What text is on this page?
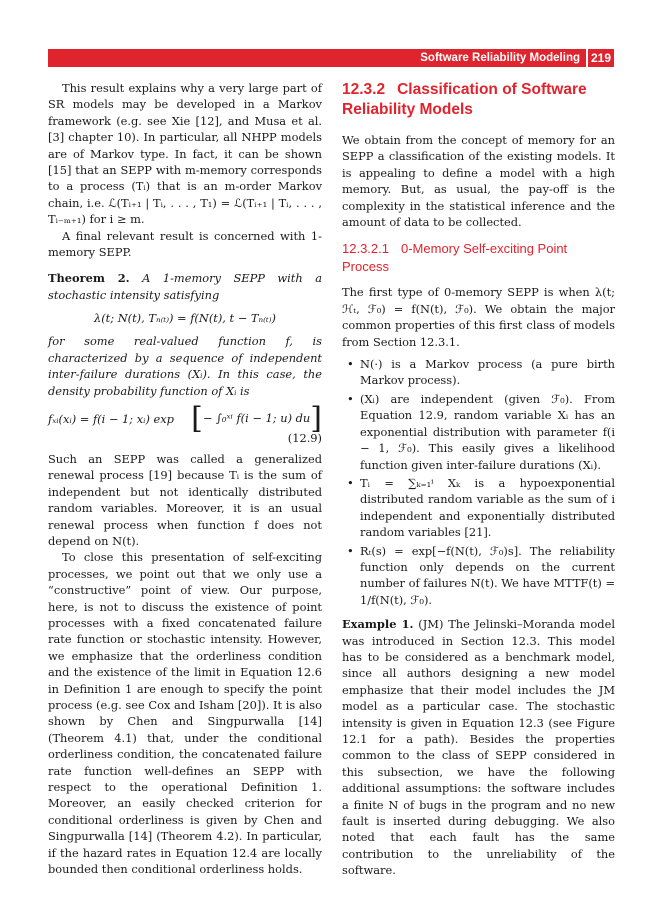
Software Reliability Modeling 219

This result explains why a very large part of SR models may be developed in a Markov framework (e.g. see Xie [12], and Musa et al. [3] chapter 10). In particular, all NHPP models are of Markov type. In fact, it can be shown [15] that an SEPP with m-memory corresponds to a process (Tᵢ) that is an m-order Markov chain, i.e. ℒ(Tᵢ₊₁ | Tᵢ, . . . , T₁) = ℒ(Tᵢ₊₁ | Tᵢ, . . . , Tᵢ₋ₘ₊₁) for i ≥ m.

A final relevant result is concerned with 1-memory SEPP.

Theorem 2. A 1-memory SEPP with a stochastic intensity satisfying

λ(t; N(t), Tₙ₍ₜ₎) = f(N(t), t − Tₙ₍ₜ₎)

for some real-valued function f, is characterized by a sequence of independent inter-failure durations (Xᵢ). In this case, the density probability function of Xᵢ is

fₓᵢ(xᵢ) = f(i − 1; xᵢ) exp [− ∫₀ˣⁱ f(i − 1; u) du]
(12.9)

Such an SEPP was called a generalized renewal process [19] because Tᵢ is the sum of independent but not identically distributed random variables. Moreover, it is an usual renewal process when function f does not depend on N(t).

To close this presentation of self-exciting processes, we point out that we only use a “constructive” point of view. Our purpose, here, is not to discuss the existence of point processes with a fixed concatenated failure rate function or stochastic intensity. However, we emphasize that the orderliness condition and the existence of the limit in Equation 12.6 in Definition 1 are enough to specify the point process (e.g. see Cox and Isham [20]). It is also shown by Chen and Singpurwalla [14] (Theorem 4.1) that, under the conditional orderliness condition, the concatenated failure rate function well-defines an SEPP with respect to the operational Definition 1. Moreover, an easily checked criterion for conditional orderliness is given by Chen and Singpurwalla [14] (Theorem 4.2). In particular, if the hazard rates in Equation 12.4 are locally bounded then conditional orderliness holds.

12.3.2 Classification of Software Reliability Models

We obtain from the concept of memory for an SEPP a classification of the existing models. It is appealing to define a model with a high memory. But, as usual, the pay-off is the complexity in the statistical inference and the amount of data to be collected.

12.3.2.1 0-Memory Self-exciting Point Process

The first type of 0-memory SEPP is when λ(t; ℋₜ, ℱ₀) = f(N(t), ℱ₀). We obtain the major common properties of this first class of models from Section 12.3.1.

• N(·) is a Markov process (a pure birth Markov process).
• (Xᵢ) are independent (given ℱ₀). From Equation 12.9, random variable Xᵢ has an exponential distribution with parameter f(i − 1, ℱ₀). This easily gives a likelihood function given inter-failure durations (Xᵢ).
• Tᵢ = ∑ₖ₌₁ⁱ Xₖ is a hypoexponential distributed random variable as the sum of i independent and exponentially distributed random variables [21].
• Rₜ(s) = exp[−f(N(t), ℱ₀)s]. The reliability function only depends on the current number of failures N(t). We have MTTF(t) = 1/f(N(t), ℱ₀).

Example 1. (JM) The Jelinski–Moranda model was introduced in Section 12.3. This model has to be considered as a benchmark model, since all authors designing a new model emphasize that their model includes the JM model as a particular case. The stochastic intensity is given in Equation 12.3 (see Figure 12.1 for a path). Besides the properties common to the class of SEPP considered in this subsection, we have the following additional assumptions: the software includes a finite N of bugs in the program and no new fault is inserted during debugging. We also noted that each fault has the same contribution to the unreliability of the software.
